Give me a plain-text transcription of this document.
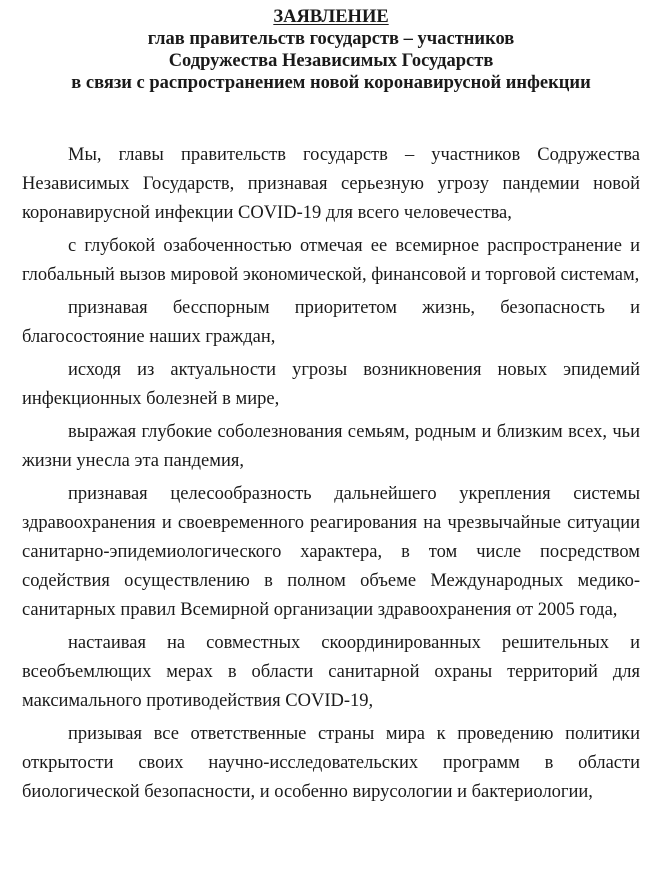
ЗАЯВЛЕНИЕ
глав правительств государств – участников
Содружества Независимых Государств
в связи с распространением новой коронавирусной инфекции

Мы, главы правительств государств – участников Содружества Независимых Государств, признавая серьезную угрозу пандемии новой коронавирусной инфекции COVID-19 для всего человечества,

с глубокой озабоченностью отмечая ее всемирное распространение и глобальный вызов мировой экономической, финансовой и торговой системам,

признавая бесспорным приоритетом жизнь, безопасность и благосостояние наших граждан,

исходя из актуальности угрозы возникновения новых эпидемий инфекционных болезней в мире,

выражая глубокие соболезнования семьям, родным и близким всех, чьи жизни унесла эта пандемия,

признавая целесообразность дальнейшего укрепления системы здравоохранения и своевременного реагирования на чрезвычайные ситуации санитарно-эпидемиологического характера, в том числе посредством содействия осуществлению в полном объеме Международных медико-санитарных правил Всемирной организации здравоохранения от 2005 года,

настаивая на совместных скоординированных решительных и всеобъемлющих мерах в области санитарной охраны территорий для максимального противодействия COVID-19,

призывая все ответственные страны мира к проведению политики открытости своих научно-исследовательских программ в области биологической безопасности, и особенно вирусологии и бактериологии,
